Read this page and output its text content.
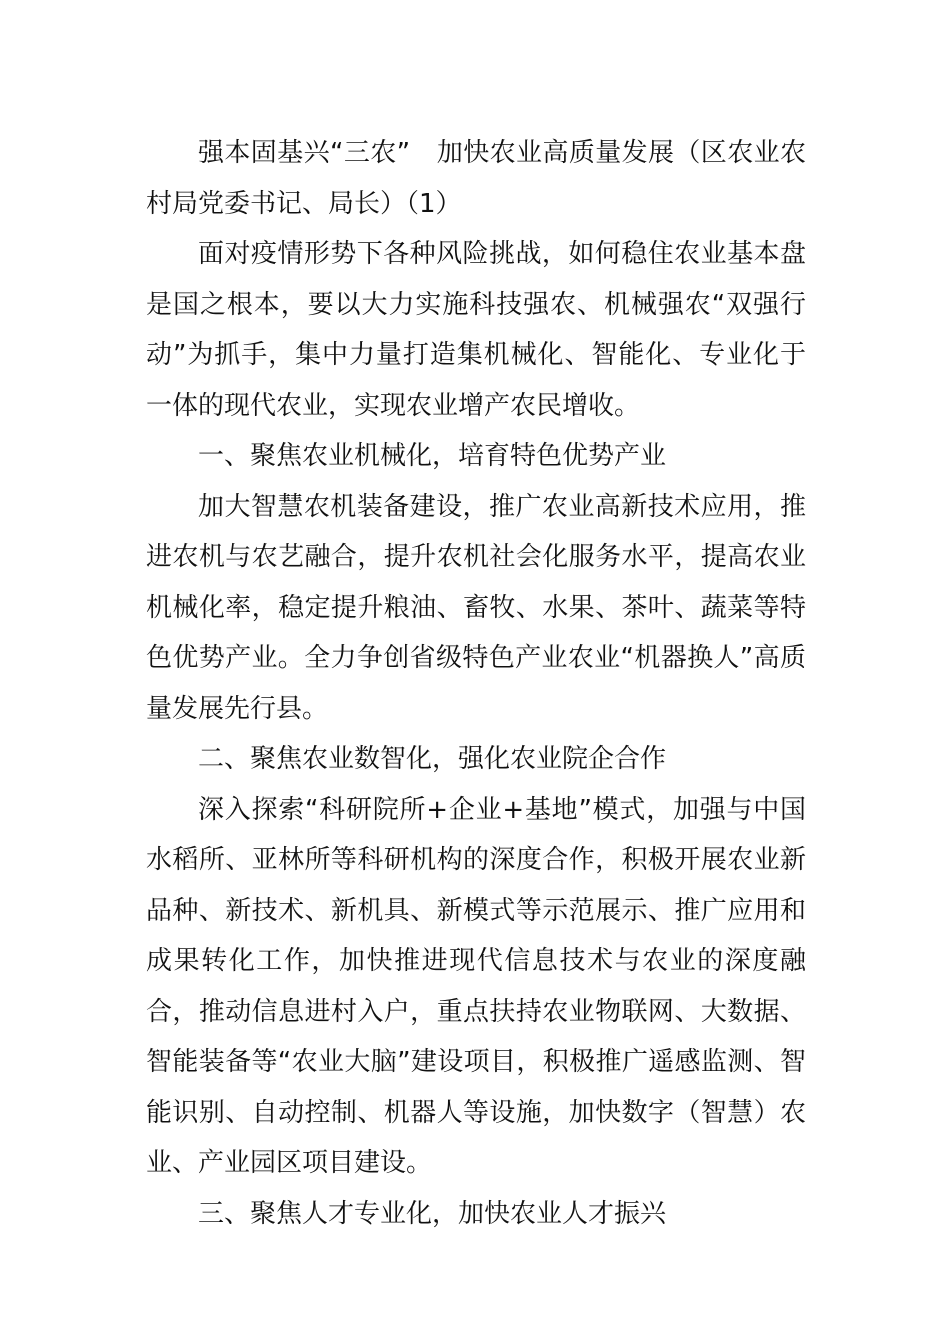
强本固基兴“三农”　加快农业高质量发展（区农业农村局党委书记、局长）（1）

面对疫情形势下各种风险挑战，如何稳住农业基本盘是国之根本，要以大力实施科技强农、机械强农“双强行动”为抓手，集中力量打造集机械化、智能化、专业化于一体的现代农业，实现农业增产农民增收。

一、聚焦农业机械化，培育特色优势产业

加大智慧农机装备建设，推广农业高新技术应用，推进农机与农艺融合，提升农机社会化服务水平，提高农业机械化率，稳定提升粮油、畜牧、水果、茶叶、蔬菜等特色优势产业。全力争创省级特色产业农业“机器换人”高质量发展先行县。

二、聚焦农业数智化，强化农业院企合作

深入探索“科研院所+企业+基地”模式，加强与中国水稻所、亚林所等科研机构的深度合作，积极开展农业新品种、新技术、新机具、新模式等示范展示、推广应用和成果转化工作，加快推进现代信息技术与农业的深度融合，推动信息进村入户，重点扶持农业物联网、大数据、智能装备等“农业大脑”建设项目，积极推广遥感监测、智能识别、自动控制、机器人等设施，加快数字（智慧）农业、产业园区项目建设。

三、聚焦人才专业化，加快农业人才振兴
